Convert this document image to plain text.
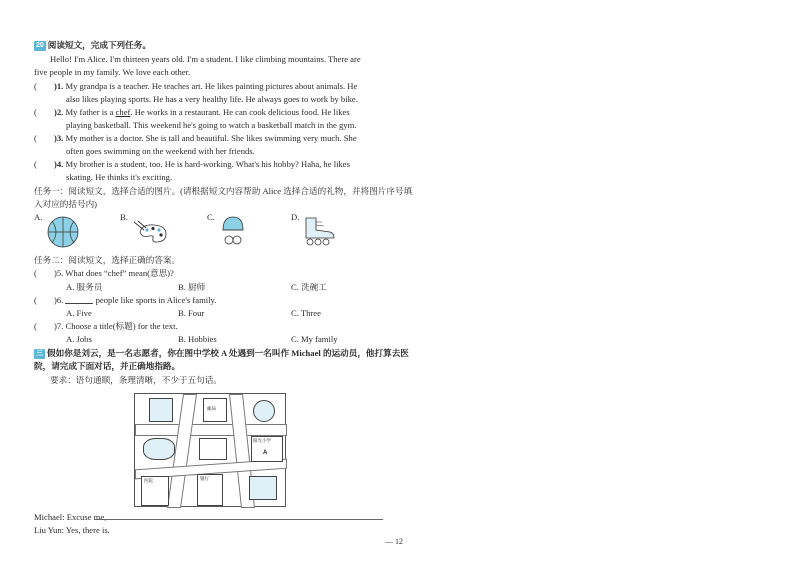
20 阅读短文，完成下列任务。
Hello! I'm Alice. I'm thirteen years old. I'm a student. I like climbing mountains. There are
five people in my family. We love each other.
( )1. My grandpa is a teacher. He teaches art. He likes painting pictures about animals. He
also likes playing sports. He has a very healthy life. He always goes to work by bike.
( )2. My father is a chef. He works in a restaurant. He can cook delicious food. He likes
playing basketball. This weekend he's going to watch a basketball match in the gym.
( )3. My mother is a doctor. She is tall and beautiful. She likes swimming very much. She
often goes swimming on the weekend with her friends.
( )4. My brother is a student, too. He is hard-working. What's his hobby? Haha, he likes
skating. He thinks it's exciting.
任务一：阅读短文，选择合适的图片。(请根据短文内容帮助 Alice 选择合适的礼物，并将图片序号填
入对应的括号内)
A.	B.	C.	D.
任务二：阅读短文，选择正确的答案。
( )5. What does “chef” mean(意思)?
A. 服务员	B. 厨师	C. 洗碗工
( )6.	people like sports in Alice's family.
A. Five	B. Four	C. Three
( )7. Choose a title(标题) for the text.
A. Jobs	B. Hobbies	C. My family
三 假如你是刘云，是一名志愿者，你在图中学校 A 处遇到一名叫作 Michael 的运动员，他打算去医
院，请完成下面对话，并正确地指路。
要求：语句通顺，条理清晰，不少于五句话。
邮局
阳光小学
A
医院	银行
Michael: Excuse me,
Liu Yun: Yes, there is.
— 12
